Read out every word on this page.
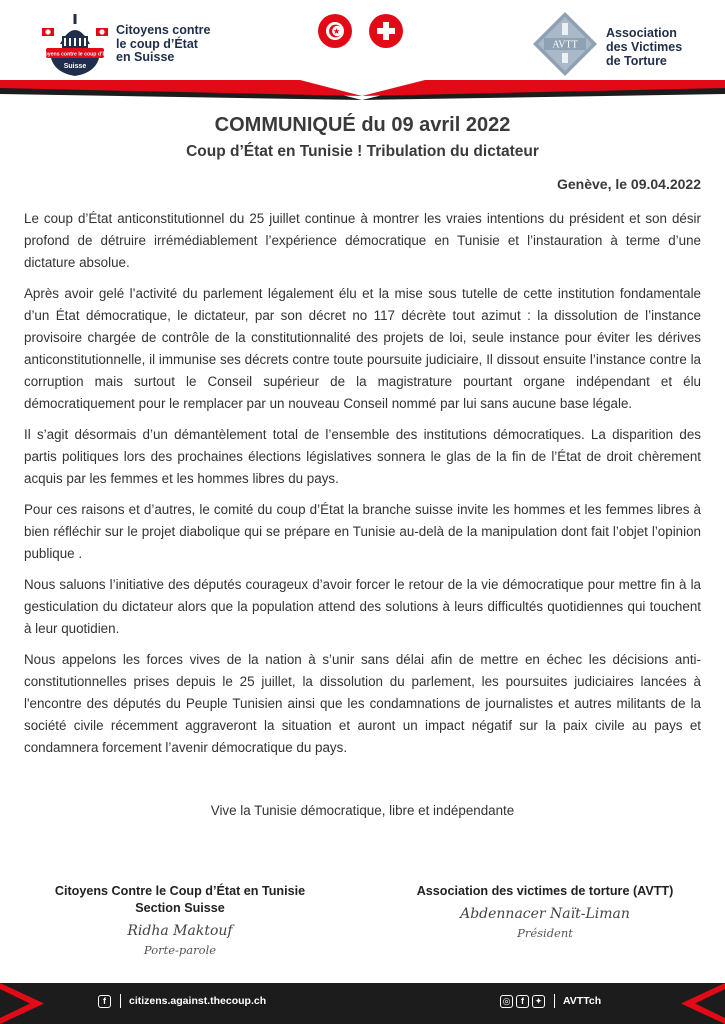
Citoyens contre le coup d’Etat
Suisse
Citoyens contre
le coup d’État
en Suisse
AVTT
Association
des Victimes
de Torture
COMMUNIQUÉ du 09 avril 2022
Coup d’État en Tunisie ! Tribulation du dictateur
Genève, le 09.04.2022

Le coup d’État anticonstitutionnel du 25 juillet continue à montrer les vraies intentions du président et son désir profond de détruire irrémédiablement l’expérience démocratique en Tunisie et l’instauration à terme d’une dictature absolue.

Après avoir gelé l’activité du parlement légalement élu et la mise sous tutelle de cette institution fondamentale d’un État démocratique, le dictateur, par son décret no 117 décrète tout azimut : la dissolution de l’instance provisoire chargée de contrôle de la constitutionnalité des projets de loi, seule instance pour éviter les dérives anticonstitutionnelle, il immunise ses décrets contre toute poursuite judiciaire, Il dissout ensuite l’instance contre la corruption mais surtout le Conseil supérieur de la magistrature pourtant organe indépendant et élu démocratiquement pour le remplacer par un nouveau Conseil nommé par lui sans aucune base légale.

Il s’agit désormais d’un démantèlement total de l’ensemble des institutions démocratiques. La disparition des partis politiques lors des prochaines élections législatives sonnera le glas de la fin de l’État de droit chèrement acquis par les femmes et les hommes libres du pays.

Pour ces raisons et d’autres, le comité du coup d’État la branche suisse invite les hommes et les femmes libres à bien réfléchir sur le projet diabolique qui se prépare en Tunisie au-delà de la manipulation dont fait l’objet l’opinion publique .

Nous saluons l’initiative des députés courageux d’avoir forcer le retour de la vie démocratique pour mettre fin à la gesticulation du dictateur alors que la population attend des solutions à leurs difficultés quotidiennes qui touchent à leur quotidien.

Nous appelons les forces vives de la nation à s’unir sans délai afin de mettre en échec les décisions anti-constitutionnelles prises depuis le 25 juillet, la dissolution du parlement, les poursuites judiciaires lancées à l'encontre des députés du Peuple Tunisien ainsi que les condamnations de journalistes et autres militants de la société civile récemment aggraveront la situation et auront un impact négatif sur la paix civile au pays et condamnera forcement l’avenir démocratique du pays.

Vive la Tunisie démocratique, libre et indépendante
Citoyens Contre le Coup d’État en Tunisie
Section Suisse
Ridha Maktouf
Porte-parole
Association des victimes de torture (AVTT)
Abdennacer Naït-Liman
Président
f	citizens.against.thecoup.ch	◎	f	✦ AVTTch
